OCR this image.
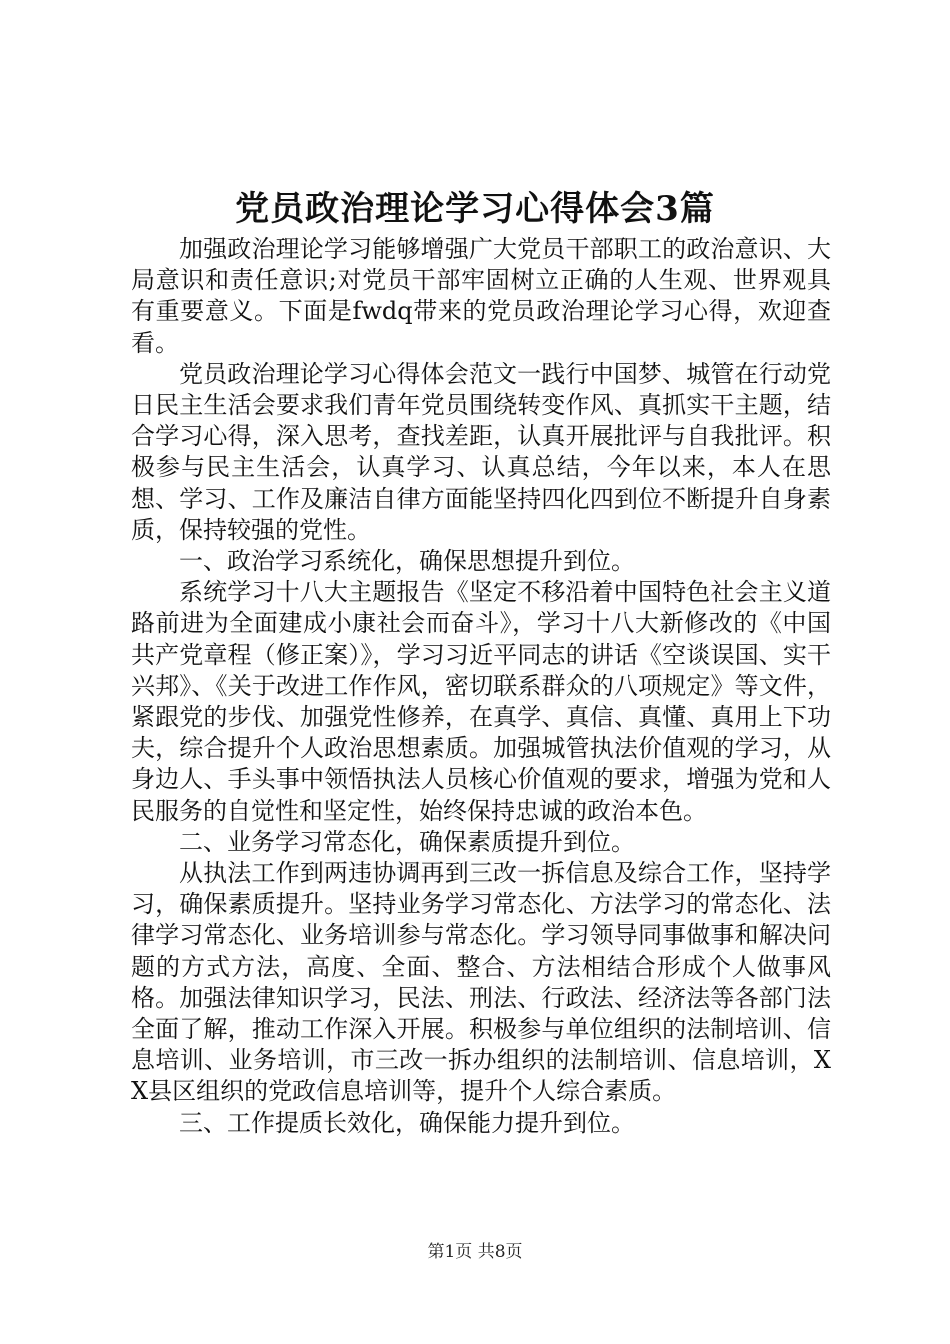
党员政治理论学习心得体会3篇

加强政治理论学习能够增强广大党员干部职工的政治意识、大局意识和责任意识;对党员干部牢固树立正确的人生观、世界观具有重要意义。下面是fwdq带来的党员政治理论学习心得，欢迎查看。

党员政治理论学习心得体会范文一践行中国梦、城管在行动党日民主生活会要求我们青年党员围绕转变作风、真抓实干主题，结合学习心得，深入思考，查找差距，认真开展批评与自我批评。积极参与民主生活会，认真学习、认真总结，今年以来，本人在思想、学习、工作及廉洁自律方面能坚持四化四到位不断提升自身素质，保持较强的党性。

一、政治学习系统化，确保思想提升到位。

系统学习十八大主题报告《坚定不移沿着中国特色社会主义道路前进为全面建成小康社会而奋斗》，学习十八大新修改的《中国共产党章程（修正案）》，学习习近平同志的讲话《空谈误国、实干兴邦》、《关于改进工作作风，密切联系群众的八项规定》等文件，紧跟党的步伐、加强党性修养，在真学、真信、真懂、真用上下功夫，综合提升个人政治思想素质。加强城管执法价值观的学习，从身边人、手头事中领悟执法人员核心价值观的要求，增强为党和人民服务的自觉性和坚定性，始终保持忠诚的政治本色。

二、业务学习常态化，确保素质提升到位。

从执法工作到两违协调再到三改一拆信息及综合工作，坚持学习，确保素质提升。坚持业务学习常态化、方法学习的常态化、法律学习常态化、业务培训参与常态化。学习领导同事做事和解决问题的方式方法，高度、全面、整合、方法相结合形成个人做事风格。加强法律知识学习，民法、刑法、行政法、经济法等各部门法全面了解，推动工作深入开展。积极参与单位组织的法制培训、信息培训、业务培训，市三改一拆办组织的法制培训、信息培训，XX县区组织的党政信息培训等，提升个人综合素质。

三、工作提质长效化，确保能力提升到位。

第1页 共8页
